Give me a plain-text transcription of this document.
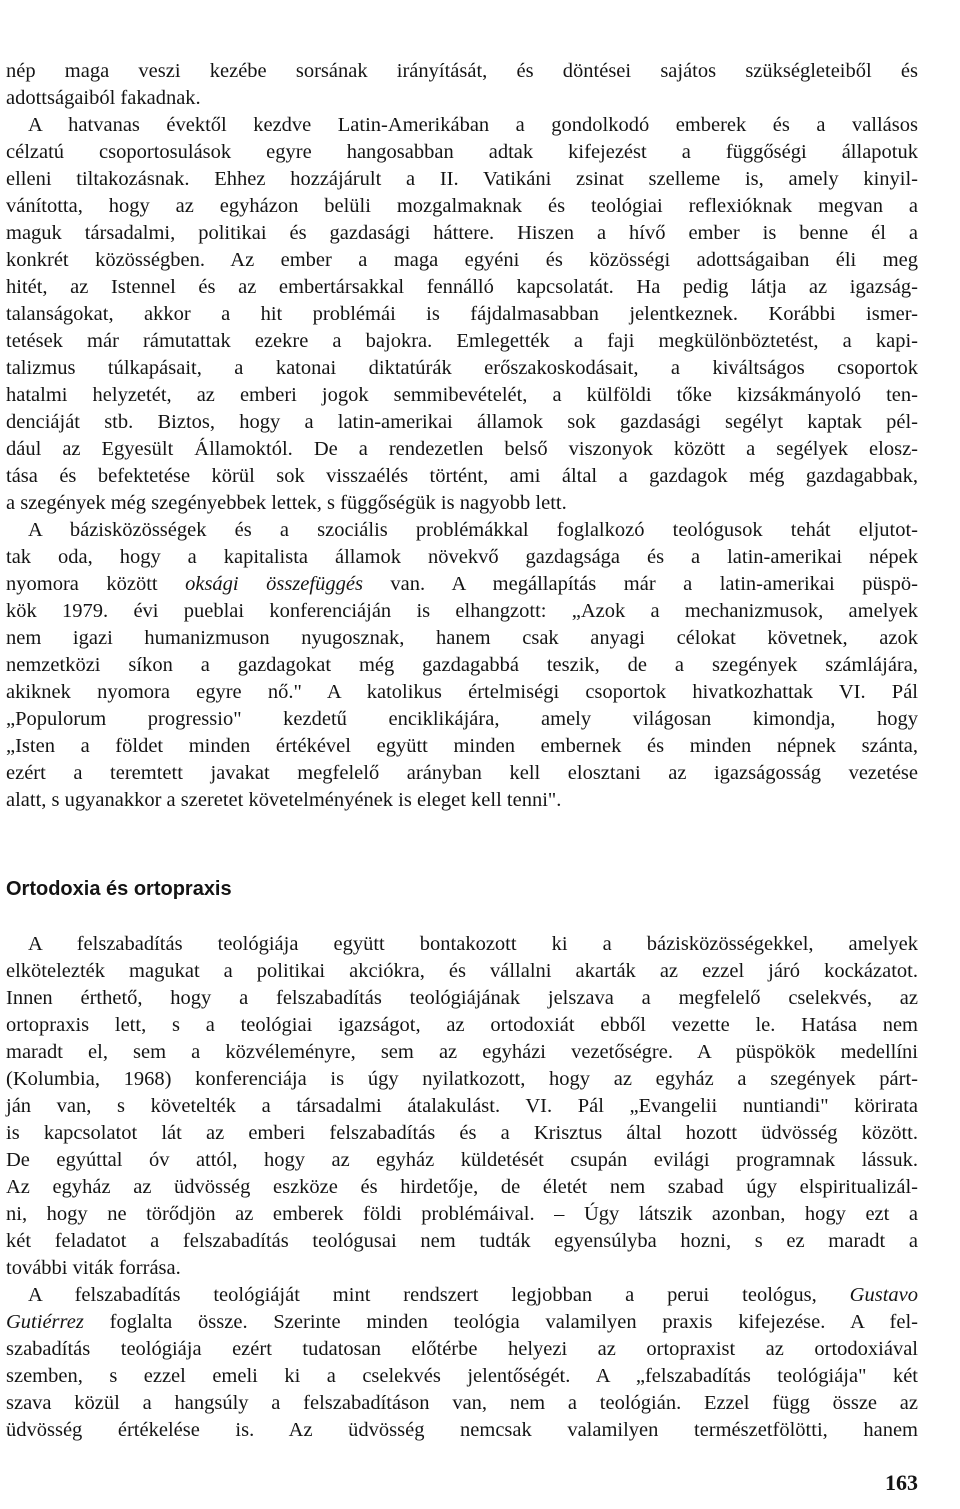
nép maga veszi kezébe sorsának irányítását, és döntései sajátos szükségleteiből és
adottságaiból fakadnak.
A hatvanas évektől kezdve Latin-Amerikában a gondolkodó emberek és a vallásos
célzatú csoportosulások egyre hangosabban adtak kifejezést a függőségi állapotuk
elleni tiltakozásnak. Ehhez hozzájárult a II. Vatikáni zsinat szelleme is, amely kinyil-
vánította, hogy az egyházon belüli mozgalmaknak és teológiai reflexióknak megvan a
maguk társadalmi, politikai és gazdasági háttere. Hiszen a hívő ember is benne él a
konkrét közösségben. Az ember a maga egyéni és közösségi adottságaiban éli meg
hitét, az Istennel és az embertársakkal fennálló kapcsolatát. Ha pedig látja az igazság-
talanságokat, akkor a hit problémái is fájdalmasabban jelentkeznek. Korábbi ismer-
tetések már rámutattak ezekre a bajokra. Emlegették a faji megkülönböztetést, a kapi-
talizmus túlkapásait, a katonai diktatúrák erőszakoskodásait, a kiváltságos csoportok
hatalmi helyzetét, az emberi jogok semmibevételét, a külföldi tőke kizsákmányoló ten-
denciáját stb. Biztos, hogy a latin-amerikai államok sok gazdasági segélyt kaptak pél-
dául az Egyesült Államoktól. De a rendezetlen belső viszonyok között a segélyek elosz-
tása és befektetése körül sok visszaélés történt, ami által a gazdagok még gazdagabbak,
a szegények még szegényebbek lettek, s függőségük is nagyobb lett.
A bázisközösségek és a szociális problémákkal foglalkozó teológusok tehát eljutot-
tak oda, hogy a kapitalista államok növekvő gazdagsága és a latin-amerikai népek
nyomora között oksági összefüggés van. A megállapítás már a latin-amerikai püspö-
kök 1979. évi pueblai konferenciáján is elhangzott: „Azok a mechanizmusok, amelyek
nem igazi humanizmuson nyugosznak, hanem csak anyagi célokat követnek, azok
nemzetközi síkon a gazdagokat még gazdagabbá teszik, de a szegények számlájára,
akiknek nyomora egyre nő." A katolikus értelmiségi csoportok hivatkozhattak VI. Pál
„Populorum progressio" kezdetű enciklikájára, amely világosan kimondja, hogy
„Isten a földet minden értékével együtt minden embernek és minden népnek szánta,
ezért a teremtett javakat megfelelő arányban kell elosztani az igazságosság vezetése
alatt, s ugyanakkor a szeretet követelményének is eleget kell tenni".
Ortodoxia és ortopraxis
A felszabadítás teológiája együtt bontakozott ki a bázisközösségekkel, amelyek
elkötelezték magukat a politikai akciókra, és vállalni akarták az ezzel járó kockázatot.
Innen érthető, hogy a felszabadítás teológiájának jelszava a megfelelő cselekvés, az
ortopraxis lett, s a teológiai igazságot, az ortodoxiát ebből vezette le. Hatása nem
maradt el, sem a közvéleményre, sem az egyházi vezetőségre. A püspökök medellíni
(Kolumbia, 1968) konferenciája is úgy nyilatkozott, hogy az egyház a szegények párt-
ján van, s követelték a társadalmi átalakulást. VI. Pál „Evangelii nuntiandi" körirata
is kapcsolatot lát az emberi felszabadítás és a Krisztus által hozott üdvösség között.
De egyúttal óv attól, hogy az egyház küldetését csupán evilági programnak lássuk.
Az egyház az üdvösség eszköze és hirdetője, de életét nem szabad úgy elspiritualizál-
ni, hogy ne törődjön az emberek földi problémáival. – Úgy látszik azonban, hogy ezt a
két feladatot a felszabadítás teológusai nem tudták egyensúlyba hozni, s ez maradt a
további viták forrása.
A felszabadítás teológiáját mint rendszert legjobban a perui teológus, Gustavo
Gutiérrez foglalta össze. Szerinte minden teológia valamilyen praxis kifejezése. A fel-
szabadítás teológiája ezért tudatosan előtérbe helyezi az ortopraxist az ortodoxiával
szemben, s ezzel emeli ki a cselekvés jelentőségét. A „felszabadítás teológiája" két
szava közül a hangsúly a felszabadításon van, nem a teológián. Ezzel függ össze az
üdvösség értékelése is. Az üdvösség nemcsak valamilyen természetfölötti, hanem
163
